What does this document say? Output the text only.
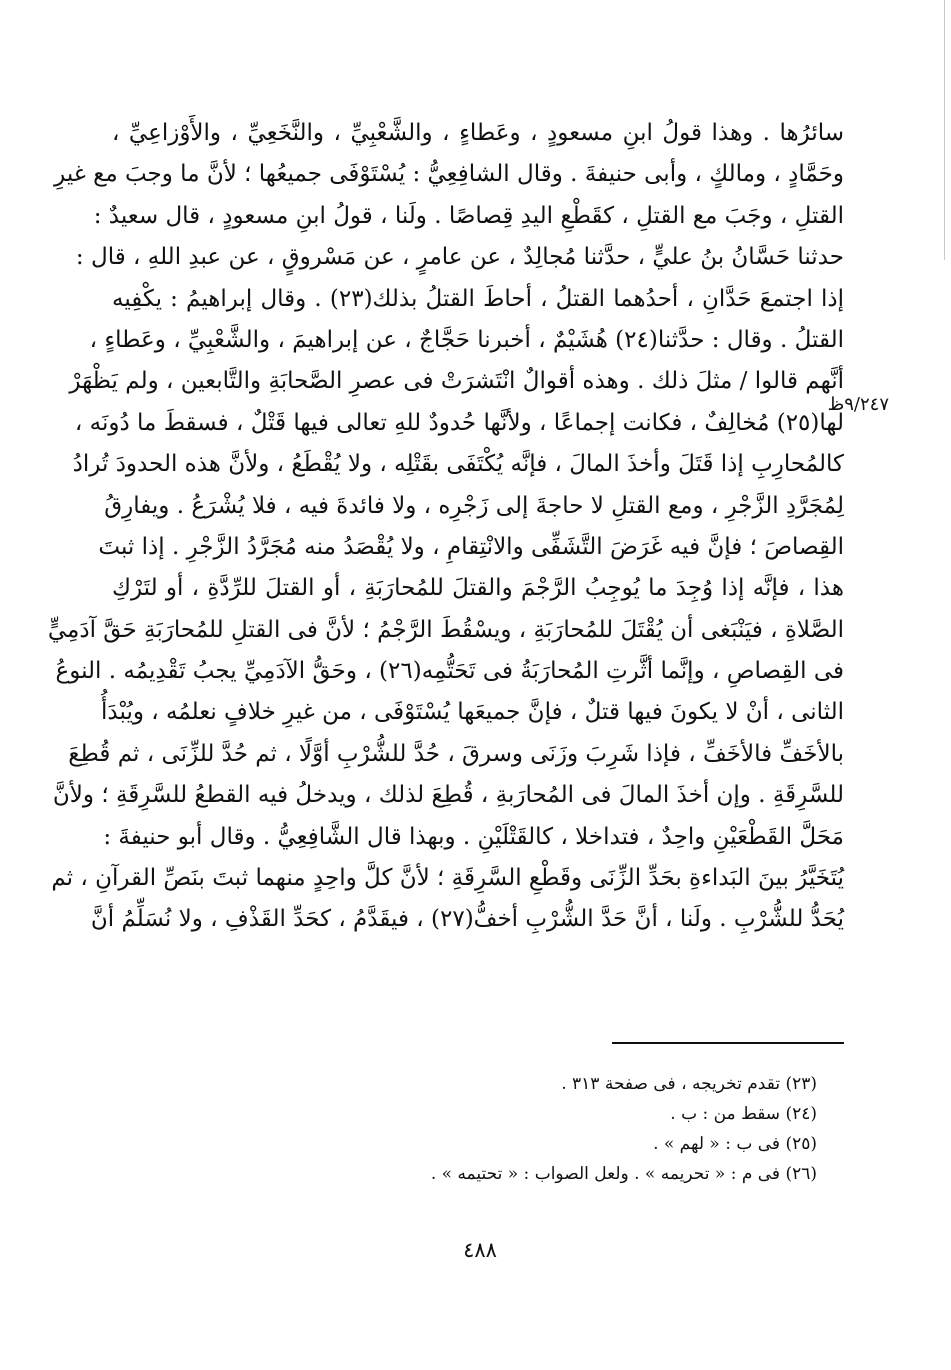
سائرُها . وهذا قولُ ابنِ مسعودٍ ، وعَطاءٍ ، والشَّعْبِيِّ ، والنَّخَعِيِّ ، والأَوْزاعِيِّ ،
وحَمَّادٍ ، ومالكٍ ، وأبى حنيفةَ . وقال الشافِعِيُّ : يُسْتَوْفَى جميعُها ؛ لأنَّ ما وجبَ مع غيرِ
القتلِ ، وجَبَ مع القتلِ ، كقَطْعِ اليدِ قِصاصًا . ولَنا ، قولُ ابنِ مسعودٍ ، قال سعيدٌ :
حدثنا حَسَّانُ بنُ عليٍّ ، حدَّثنا مُجالِدٌ ، عن عامرٍ ، عن مَسْروقٍ ، عن عبدِ اللهِ ، قال :
إذا اجتمعَ حَدَّانِ ، أحدُهما القتلُ ، أحاطَ القتلُ بذلك(٢٣) . وقال إبراهيمُ : يكْفِيه
القتلُ . وقال : حدَّثنا(٢٤) هُشَيْمٌ ، أخبرنا حَجَّاجٌ ، عن إبراهيمَ ، والشَّعْبِيِّ ، وعَطاءٍ ،
أنَّهم قالوا / مثلَ ذلك . وهذه أقوالٌ انْتَشرَتْ فى عصرِ الصَّحابَةِ والتَّابعين ، ولم يَظْهَرْ
لها(٢٥) مُخالِفٌ ، فكانت إجماعًا ، ولأنَّها حُدودٌ للهِ تعالى فيها قَتْلٌ ، فسقطَ ما دُونَه ،
كالمُحارِبِ إذا قَتَلَ وأخذَ المالَ ، فإنَّه يُكْتَفَى بقَتْلِه ، ولا يُقْطَعُ ، ولأنَّ هذه الحدودَ تُرادُ
لِمُجَرَّدِ الزَّجْرِ ، ومع القتلِ لا حاجةَ إلى زَجْرِه ، ولا فائدةَ فيه ، فلا يُشْرَعُ . ويفارِقُ
القِصاصَ ؛ فإنَّ فيه غَرَضَ التَّشَفِّى والانْتِقامِ ، ولا يُقْصَدُ منه مُجَرَّدُ الزَّجْرِ . إذا ثبتَ
هذا ، فإنَّه إذا وُجِدَ ما يُوجِبُ الرَّجْمَ والقتلَ للمُحارَبَةِ ، أو القتلَ للرِّدَّةِ ، أو لتَرْكِ
الصَّلاةِ ، فيَنْبَغى أن يُقْتَلَ للمُحارَبَةِ ، ويسْقُطَ الرَّجْمُ ؛ لأنَّ فى القتلِ للمُحارَبَةِ حَقَّ آدَمِيٍّ
فى القِصاصِ ، وإنَّما أثَّرتِ المُحارَبَةُ فى تَحَتُّمِه(٢٦) ، وحَقُّ الآدَمِيِّ يجبُ تَقْدِيمُه . النوعُ
الثانى ، أنْ لا يكونَ فيها قتلٌ ، فإنَّ جميعَها يُسْتَوْفَى ، من غيرِ خلافٍ نعلمُه ، ويُبْدَأُ
بالأخَفِّ فالأخَفِّ ، فإذا شَرِبَ وزَنَى وسرقَ ، حُدَّ للشُّرْبِ أوَّلًا ، ثم حُدَّ للزِّنَى ، ثم قُطِعَ
للسَّرِقَةِ . وإن أخذَ المالَ فى المُحارَبةِ ، قُطِعَ لذلك ، ويدخلُ فيه القطعُ للسَّرِقَةِ ؛ ولأنَّ
مَحَلَّ القَطْعَيْنِ واحِدٌ ، فتداخلا ، كالقَتْلَيْنِ . وبهذا قال الشَّافِعِيُّ . وقال أبو حنيفةَ :
يُتَخَيَّرُ بينَ البَداءةِ بحَدِّ الزِّنَى وقَطْعِ السَّرِقَةِ ؛ لأنَّ كلَّ واحِدٍ منهما ثبتَ بنَصِّ القرآنِ ، ثم
يُحَدُّ للشُّرْبِ . ولَنا ، أنَّ حَدَّ الشُّرْبِ أخفُّ(٢٧) ، فيقَدَّمُ ، كحَدِّ القَذْفِ ، ولا نُسَلِّمُ أنَّ
٩/٢٤٧ظ
(٢٣) تقدم تخريجه ، فى صفحة ٣١٣ .
(٢٤) سقط من : ب .
(٢٥) فى ب : « لهم » .
(٢٦) فى م : « تحريمه » . ولعل الصواب : « تحتيمه » .
٤٨٨
